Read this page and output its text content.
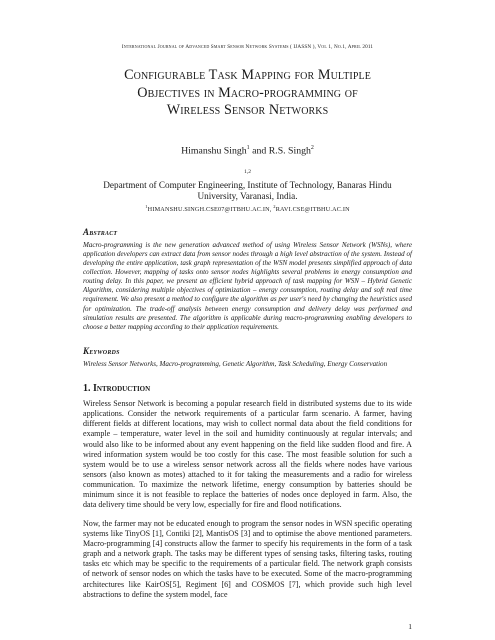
International Journal of Advanced Smart Sensor Network Systems ( IJASSN ), Vol 1, No.1, April 2011
Configurable Task Mapping for Multiple
Objectives in Macro-programming of
Wireless Sensor Networks
Himanshu Singh$^1$ and R.S. Singh$^2$
$^{1,2}$
Department of Computer Engineering, Institute of Technology, Banaras Hindu
University, Varanasi, India.
$^1$HIMANSHU.SINGH.CSE07@ITBHU.AC.IN, $^2$RAVI.CSE@ITBHU.AC.IN
Abstract

Macro-programming is the new generation advanced method of using Wireless Sensor Network (WSNs), where application developers can extract data from sensor nodes through a high level abstraction of the system. Instead of developing the entire application, task graph representation of the WSN model presents simplified approach of data collection. However, mapping of tasks onto sensor nodes highlights several problems in energy consumption and routing delay. In this paper, we present an efficient hybrid approach of task mapping for WSN – Hybrid Genetic Algorithm, considering multiple objectives of optimization – energy consumption, routing delay and soft real time requirement. We also present a method to configure the algorithm as per user's need by changing the heuristics used for optimization. The trade-off analysis between energy consumption and delivery delay was performed and simulation results are presented. The algorithm is applicable during macro-programming enabling developers to choose a better mapping according to their application requirements.

Keywords

Wireless Sensor Networks, Macro-programming, Genetic Algorithm, Task Scheduling, Energy Conservation

1. Introduction

Wireless Sensor Network is becoming a popular research field in distributed systems due to its wide applications. Consider the network requirements of a particular farm scenario. A farmer, having different fields at different locations, may wish to collect normal data about the field conditions for example – temperature, water level in the soil and humidity continuously at regular intervals; and would also like to be informed about any event happening on the field like sudden flood and fire. A wired information system would be too costly for this case. The most feasible solution for such a system would be to use a wireless sensor network across all the fields where nodes have various sensors (also known as motes) attached to it for taking the measurements and a radio for wireless communication. To maximize the network lifetime, energy consumption by batteries should be minimum since it is not feasible to replace the batteries of nodes once deployed in farm. Also, the data delivery time should be very low, especially for fire and flood notifications.

Now, the farmer may not be educated enough to program the sensor nodes in WSN specific operating systems like TinyOS [1], Contiki [2], MantisOS [3] and to optimise the above mentioned parameters. Macro-programming [4] constructs allow the farmer to specify his requirements in the form of a task graph and a network graph. The tasks may be different types of sensing tasks, filtering tasks, routing tasks etc which may be specific to the requirements of a particular field. The network graph consists of network of sensor nodes on which the tasks have to be executed. Some of the macro-programming architectures like KairOS[5], Regiment [6] and COSMOS [7], which provide such high level abstractions to define the system model, face

1
